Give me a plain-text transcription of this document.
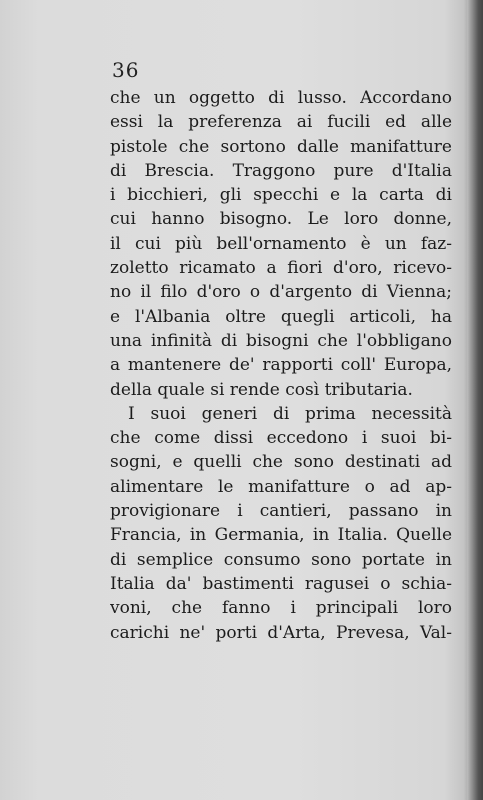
36
che un oggetto di lusso. Accordano
essi la preferenza ai fucili ed alle
pistole che sortono dalle manifatture
di Brescia. Traggono pure d'Italia
i bicchieri, gli specchi e la carta di
cui hanno bisogno. Le loro donne,
il cui più bell'ornamento è un faz-
zoletto ricamato a fiori d'oro, ricevo-
no il filo d'oro o d'argento di Vienna;
e l'Albania oltre quegli articoli, ha
una infinità di bisogni che l'obbligano
a mantenere de' rapporti coll' Europa,
della quale si rende così tributaria.
I suoi generi di prima necessità
che come dissi eccedono i suoi bi-
sogni, e quelli che sono destinati ad
alimentare le manifatture o ad ap-
provigionare i cantieri, passano in
Francia, in Germania, in Italia. Quelle
di semplice consumo sono portate in
Italia da' bastimenti ragusei o schia-
voni, che fanno i principali loro
carichi ne' porti d'Arta, Prevesa, Val-
